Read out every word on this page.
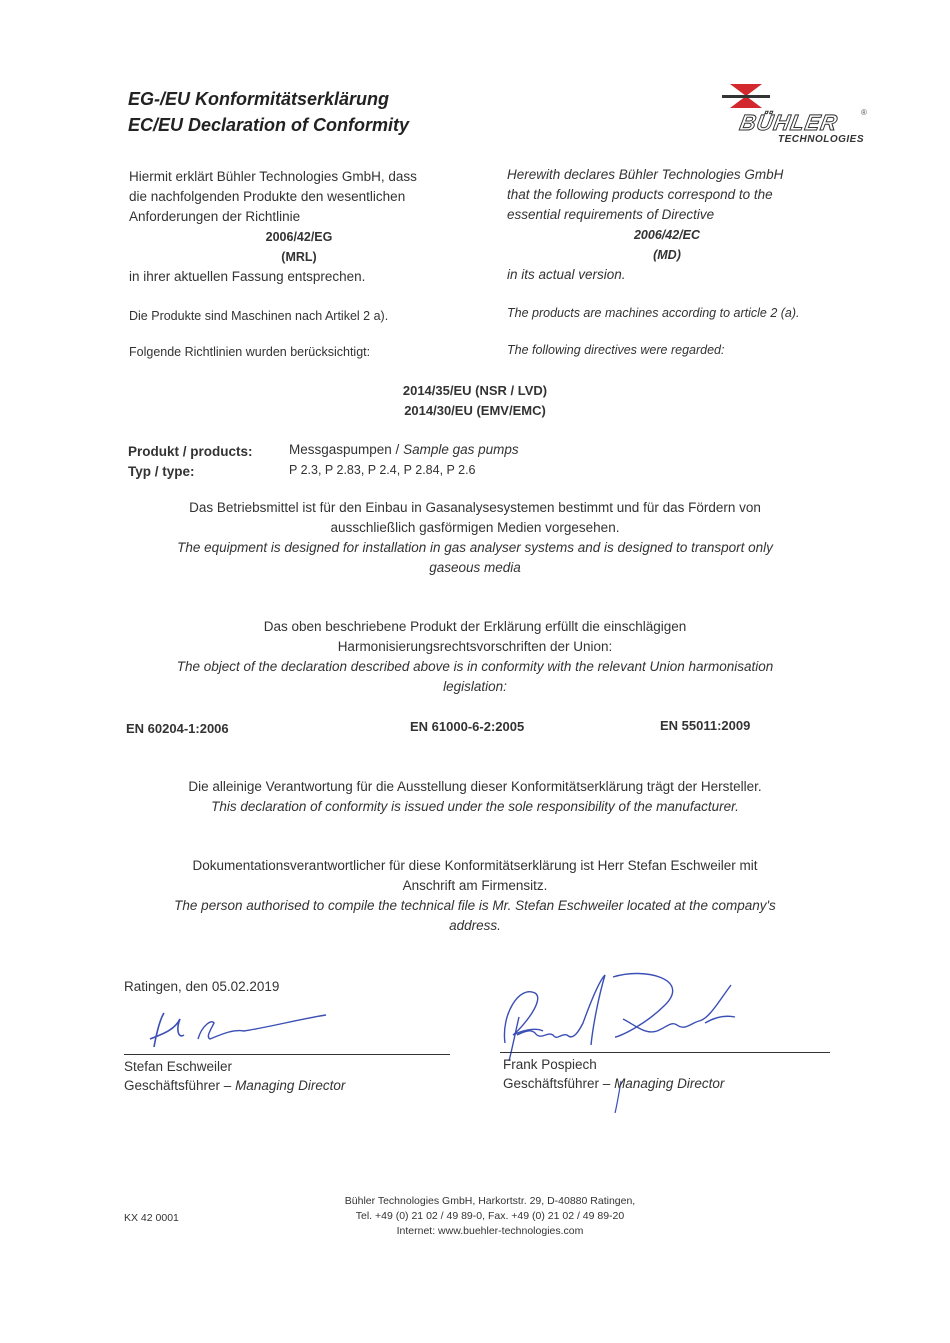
EG-/EU Konformitätserklärung
EC/EU Declaration of Conformity	BÜHLER	®
TECHNOLOGIES
Hiermit erklärt Bühler Technologies GmbH, dass
die nachfolgenden Produkte den wesentlichen
Anforderungen der Richtlinie
2006/42/EG
(MRL)
in ihrer aktuellen Fassung entsprechen.
Herewith declares Bühler Technologies GmbH
that the following products correspond to the
essential requirements of Directive
2006/42/EC
(MD)
in its actual version.
Die Produkte sind Maschinen nach Artikel 2 a).	The products are machines according to article 2 (a).
Folgende Richtlinien wurden berücksichtigt:	The following directives were regarded:
2014/35/EU (NSR / LVD)
2014/30/EU (EMV/EMC)
Produkt / products:	Messgaspumpen / Sample gas pumps
Typ / type:	P 2.3, P 2.83, P 2.4, P 2.84, P 2.6
Das Betriebsmittel ist für den Einbau in Gasanalysesystemen bestimmt und für das Fördern von
ausschließlich gasförmigen Medien vorgesehen.
The equipment is designed for installation in gas analyser systems and is designed to transport only
gaseous media
Das oben beschriebene Produkt der Erklärung erfüllt die einschlägigen
Harmonisierungsrechtsvorschriften der Union:
The object of the declaration described above is in conformity with the relevant Union harmonisation
legislation:
EN 60204-1:2006	EN 61000-6-2:2005	EN 55011:2009
Die alleinige Verantwortung für die Ausstellung dieser Konformitätserklärung trägt der Hersteller.
This declaration of conformity is issued under the sole responsibility of the manufacturer.
Dokumentationsverantwortlicher für diese Konformitätserklärung ist Herr Stefan Eschweiler mit
Anschrift am Firmensitz.
The person authorised to compile the technical file is Mr. Stefan Eschweiler located at the company's
address.
Ratingen, den 05.02.2019
Stefan Eschweiler
Geschäftsführer – Managing Director
Frank Pospiech
Geschäftsführer – Managing Director
KX 42 0001
Bühler Technologies GmbH, Harkortstr. 29, D-40880 Ratingen,
Tel. +49 (0) 21 02 / 49 89-0, Fax. +49 (0) 21 02 / 49 89-20
Internet: www.buehler-technologies.com
